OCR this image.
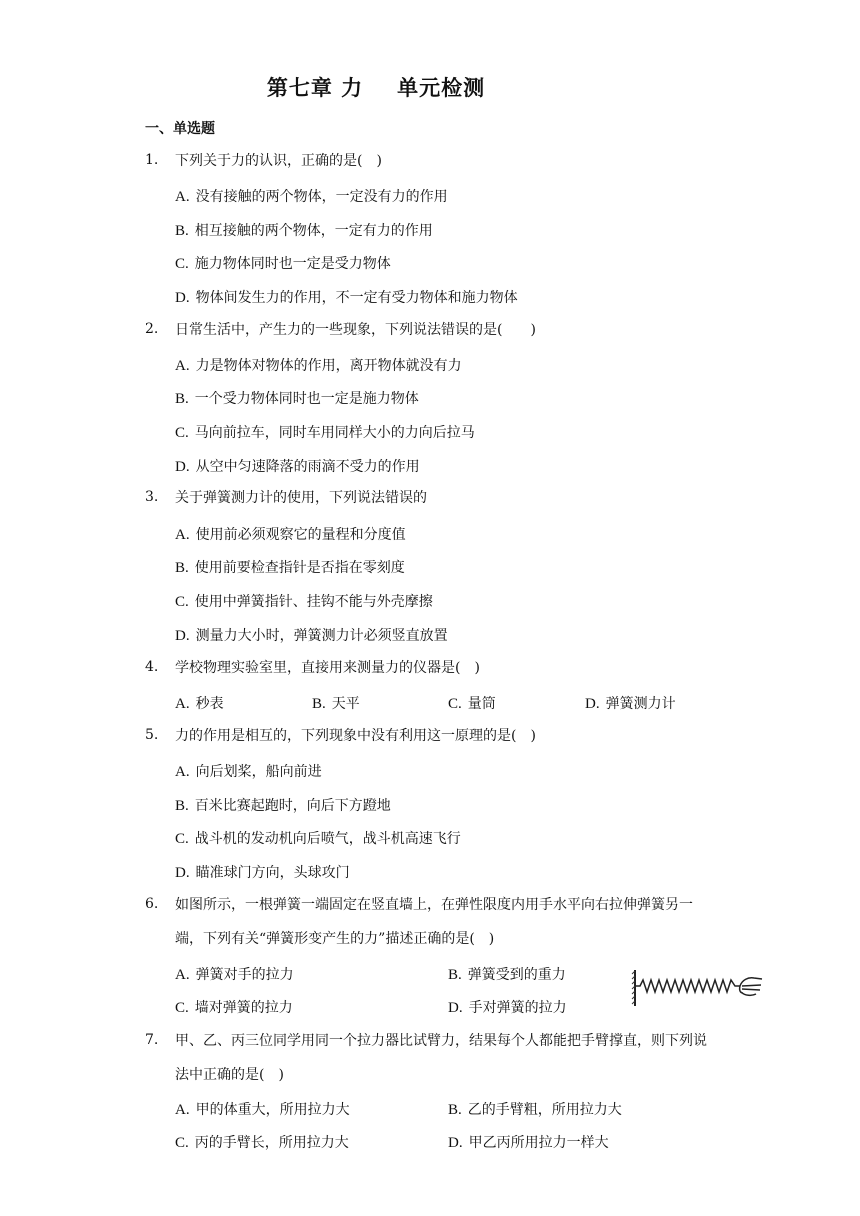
第七章 力 单元检测
一、单选题
1. 下列关于力的认识，正确的是(　)
A. 没有接触的两个物体，一定没有力的作用
B. 相互接触的两个物体，一定有力的作用
C. 施力物体同时也一定是受力物体
D. 物体间发生力的作用，不一定有受力物体和施力物体
2. 日常生活中，产生力的一些现象，下列说法错误的是(　　)
A. 力是物体对物体的作用，离开物体就没有力
B. 一个受力物体同时也一定是施力物体
C. 马向前拉车，同时车用同样大小的力向后拉马
D. 从空中匀速降落的雨滴不受力的作用
3. 关于弹簧测力计的使用，下列说法错误的
A. 使用前必须观察它的量程和分度值
B. 使用前要检查指针是否指在零刻度
C. 使用中弹簧指针、挂钩不能与外壳摩擦
D. 测量力大小时，弹簧测力计必须竖直放置
4. 学校物理实验室里，直接用来测量力的仪器是(　)
A. 秒表	B. 天平	C. 量筒	D. 弹簧测力计
5. 力的作用是相互的，下列现象中没有利用这一原理的是(　)
A. 向后划桨，船向前进
B. 百米比赛起跑时，向后下方蹬地
C. 战斗机的发动机向后喷气，战斗机高速飞行
D. 瞄准球门方向，头球攻门
6. 如图所示，一根弹簧一端固定在竖直墙上，在弹性限度内用手水平向右拉伸弹簧另一端，下列有关“弹簧形变产生的力”描述正确的是(　)
A. 弹簧对手的拉力	B. 弹簧受到的重力
C. 墙对弹簧的拉力	D. 手对弹簧的拉力
7. 甲、乙、丙三位同学用同一个拉力器比试臂力，结果每个人都能把手臂撑直，则下列说法中正确的是(　)
A. 甲的体重大，所用拉力大	B. 乙的手臂粗，所用拉力大
C. 丙的手臂长，所用拉力大	D. 甲乙丙所用拉力一样大
